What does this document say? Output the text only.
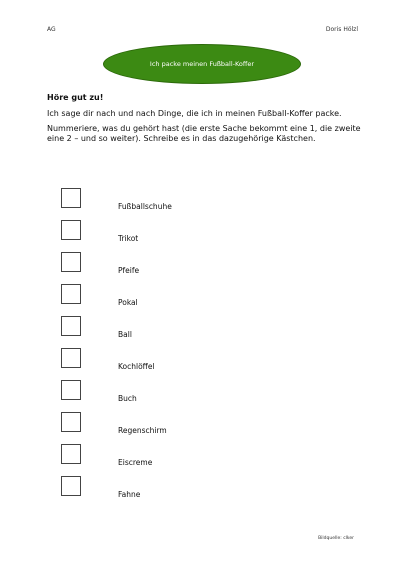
AG	Doris Hölzl
Ich packe meinen Fußball-Koffer

Höre gut zu!

Ich sage dir nach und nach Dinge, die ich in meinen Fußball-Koffer packe.

Nummeriere, was du gehört hast (die erste Sache bekommt eine 1, die zweite eine 2 – und so weiter). Schreibe es in das dazugehörige Kästchen.

Fußballschuhe
Trikot
Pfeife
Pokal
Ball
Kochlöffel
Buch
Regenschirm
Eiscreme
Fahne
Bildquelle: clker
